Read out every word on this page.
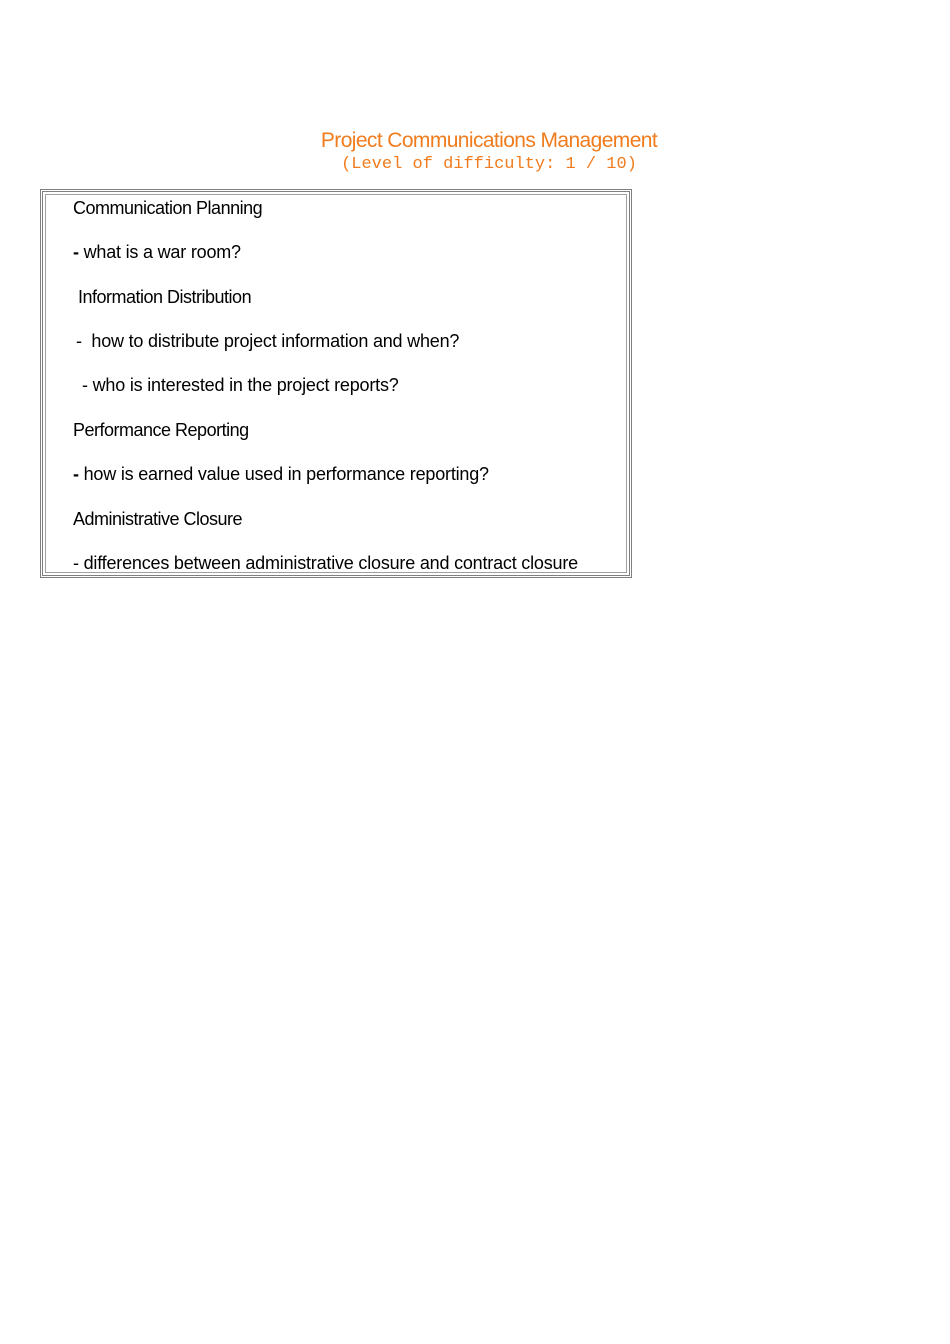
Project Communications Management
(Level of difficulty: 1 / 10)
Communication Planning
- what is a war room?
Information Distribution
-  how to distribute project information and when?
- who is interested in the project reports?
Performance Reporting
- how is earned value used in performance reporting?
Administrative Closure
- differences between administrative closure and contract closure
